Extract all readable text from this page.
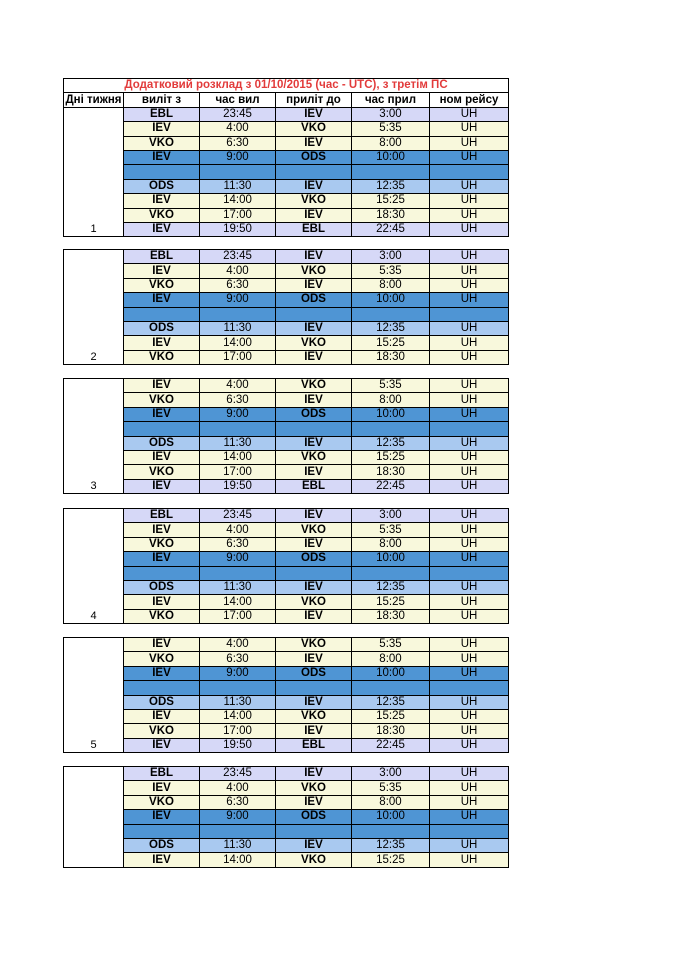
Додатковий розклад з 01/10/2015 (час - UTC), з третім ПС					
Дні тижня	виліт з	час вил	приліт до	час прил	ном рейсу
1	EBL	23:45	IEV	3:00	UH
	IEV	4:00	VKO	5:35	UH
	VKO	6:30	IEV	8:00	UH
	IEV	9:00	ODS	10:00	UH

	ODS	11:30	IEV	12:35	UH
	IEV	14:00	VKO	15:25	UH
	VKO	17:00	IEV	18:30	UH
	IEV	19:50	EBL	22:45	UH
2	EBL	23:45	IEV	3:00	UH
	IEV	4:00	VKO	5:35	UH
	VKO	6:30	IEV	8:00	UH
	IEV	9:00	ODS	10:00	UH

	ODS	11:30	IEV	12:35	UH
	IEV	14:00	VKO	15:25	UH
	VKO	17:00	IEV	18:30	UH
3	IEV	4:00	VKO	5:35	UH
	VKO	6:30	IEV	8:00	UH
	IEV	9:00	ODS	10:00	UH

	ODS	11:30	IEV	12:35	UH
	IEV	14:00	VKO	15:25	UH
	VKO	17:00	IEV	18:30	UH
	IEV	19:50	EBL	22:45	UH
4	EBL	23:45	IEV	3:00	UH
	IEV	4:00	VKO	5:35	UH
	VKO	6:30	IEV	8:00	UH
	IEV	9:00	ODS	10:00	UH

	ODS	11:30	IEV	12:35	UH
	IEV	14:00	VKO	15:25	UH
	VKO	17:00	IEV	18:30	UH
5	IEV	4:00	VKO	5:35	UH
	VKO	6:30	IEV	8:00	UH
	IEV	9:00	ODS	10:00	UH

	ODS	11:30	IEV	12:35	UH
	IEV	14:00	VKO	15:25	UH
	VKO	17:00	IEV	18:30	UH
	IEV	19:50	EBL	22:45	UH
	EBL	23:45	IEV	3:00	UH
	IEV	4:00	VKO	5:35	UH
	VKO	6:30	IEV	8:00	UH
	IEV	9:00	ODS	10:00	UH

	ODS	11:30	IEV	12:35	UH
	IEV	14:00	VKO	15:25	UH
